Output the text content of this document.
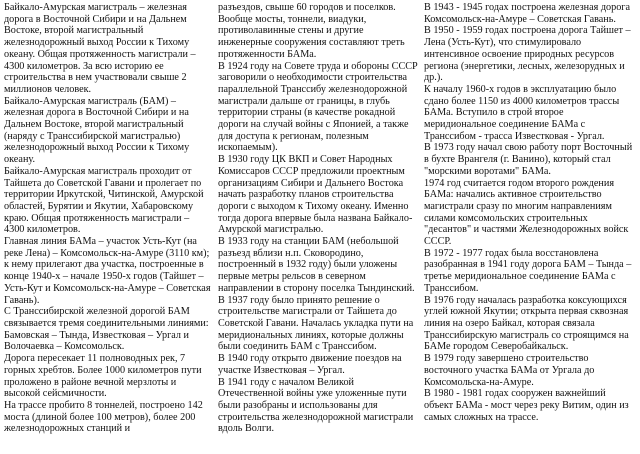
Байкало-Амурская магистраль – железная дорога в Восточной Сибири и на Дальнем Востоке, второй магистральный железнодорожный выход России к Тихому океану. Общая протяженность магистрали – 4300 километров. За всю историю ее строительства в нем участвовали свыше 2 миллионов человек.

Байкало-Амурская магистраль (БАМ) – железная дорога в Восточной Сибири и на Дальнем Востоке, второй магистральный (наряду с Транссибирской магистралью) железнодорожный выход России к Тихому океану.

Байкало-Амурская магистраль проходит от Тайшета до Советской Гавани и пролегает по территории Иркутской, Читинской, Амурской областей, Бурятии и Якутии, Хабаровскому краю. Общая протяженность магистрали – 4300 километров.

Главная линия БАМа – участок Усть-Кут (на реке Лена) – Комсомольск-на-Амуре (3110 км); к нему прилегают два участка, построенные в конце 1940-х – начале 1950-х годов (Тайшет – Усть-Кут и Комсомольск-на-Амуре – Советская Гавань).

С Транссибирской железной дорогой БАМ связывается тремя соединительными линиями: Бамовская – Тында, Известковая – Ургал и Волочаевка – Комсомольск.

Дорога пересекает 11 полноводных рек, 7 горных хребтов. Более 1000 километров пути проложено в районе вечной мерзлоты и высокой сейсмичности.

На трассе пробито 8 тоннелей, построено 142 моста (длиной более 100 метров), более 200 железнодорожных станций и

разъездов, свыше 60 городов и поселков. Вообще мосты, тоннели, виадуки, противолавинные стены и другие инженерные сооружения составляют треть протяженности БАМа.

В 1924 году на Совете труда и обороны СССР заговорили о необходимости строительства параллельной Транссибу железнодорожной магистрали дальше от границы, в глубь территории страны (в качестве рокадной дороги на случай войны с Японией, а также для доступа к регионам, полезным ископаемым).

В 1930 году ЦК ВКП и Совет Народных Комиссаров СССР предложили проектным организациям Сибири и Дальнего Востока начать разработку планов строительства дороги с выходом к Тихому океану. Именно тогда дорога впервые была названа Байкало-Амурской магистралью.

В 1933 году на станции БАМ (небольшой разъезд вблизи н.п. Сковородино, построенный в 1932 году) были уложены первые метры рельсов в северном направлении в сторону поселка Тындинский.

В 1937 году было принято решение о строительстве магистрали от Тайшета до Советской Гавани. Началась укладка пути на меридиональных линиях, которые должны были соединить БАМ с Транссибом.

В 1940 году открыто движение поездов на участке Известковая – Ургал.

В 1941 году с началом Великой Отечественной войны уже уложенные пути были разобраны и использованы для строительства железнодорожной магистрали вдоль Волги.

В 1943 - 1945 годах построена железная дорога Комсомольск-на-Амуре – Советская Гавань.

В 1950 - 1959 годах построена дорога Тайшет – Лена (Усть-Кут), что стимулировало интенсивное освоение природных ресурсов региона (энергетики, лесных, железорудных и др.).

К началу 1960-х годов в эксплуатацию было сдано более 1150 из 4000 километров трассы БАМа. Вступило в строй второе меридиональное соединение БАМа с Транссибом - трасса Известковая - Ургал.

В 1973 году начал свою работу порт Восточный в бухте Врангеля (г. Ванино), который стал "морскими воротами" БАМа.

1974 год считается годом второго рождения БАМа: начались активное строительство магистрали сразу по многим направлениям силами комсомольских строительных "десантов" и частями Железнодорожных войск СССР.

В 1972 - 1977 годах была восстановлена разобранная в 1941 году дорога БАМ – Тында – третье меридиональное соединение БАМа с Транссибом.

В 1976 году началась разработка коксующихся углей южной Якутии; открыта первая сквозная линия на озеро Байкал, которая связала Транссибирскую магистраль со строящимся на БАМе городом Северобайкальск.

В 1979 году завершено строительство восточного участка БАМа от Ургала до Комсомольска-на-Амуре.

В 1980 - 1981 годах сооружен важнейший объект БАМа - мост через реку Витим, один из самых сложных на трассе.
